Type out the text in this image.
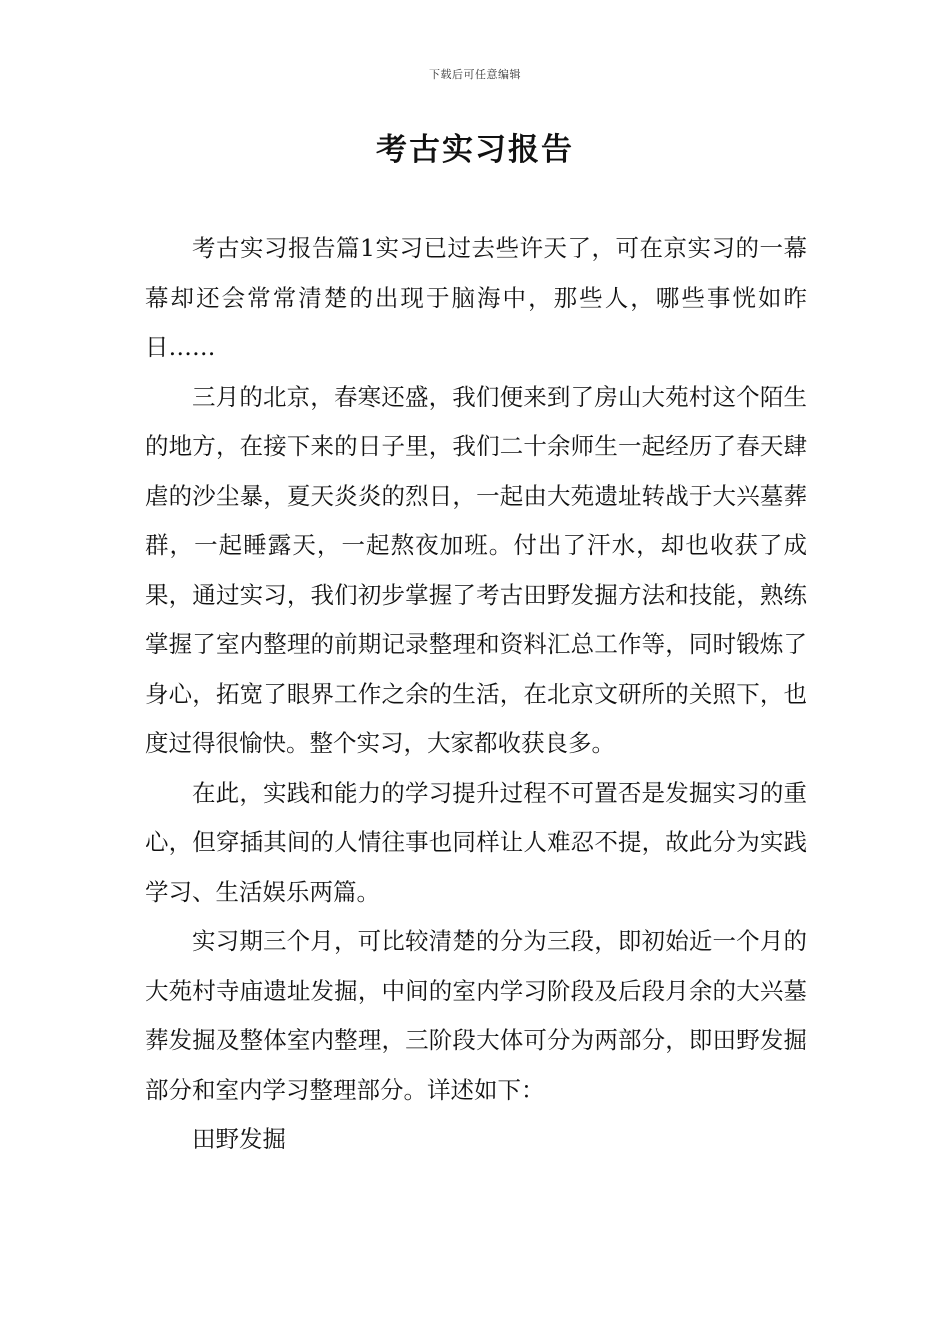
下载后可任意编辑
考古实习报告

考古实习报告篇1实习已过去些许天了，可在京实习的一幕幕却还会常常清楚的出现于脑海中，那些人，哪些事恍如昨日……

三月的北京，春寒还盛，我们便来到了房山大苑村这个陌生的地方，在接下来的日子里，我们二十余师生一起经历了春天肆虐的沙尘暴，夏天炎炎的烈日，一起由大苑遗址转战于大兴墓葬群，一起睡露天，一起熬夜加班。付出了汗水，却也收获了成果，通过实习，我们初步掌握了考古田野发掘方法和技能，熟练掌握了室内整理的前期记录整理和资料汇总工作等，同时锻炼了身心，拓宽了眼界工作之余的生活，在北京文研所的关照下，也度过得很愉快。整个实习，大家都收获良多。

在此，实践和能力的学习提升过程不可置否是发掘实习的重心，但穿插其间的人情往事也同样让人难忍不提，故此分为实践学习、生活娱乐两篇。

实习期三个月，可比较清楚的分为三段，即初始近一个月的大苑村寺庙遗址发掘，中间的室内学习阶段及后段月余的大兴墓葬发掘及整体室内整理，三阶段大体可分为两部分，即田野发掘部分和室内学习整理部分。详述如下：

田野发掘
